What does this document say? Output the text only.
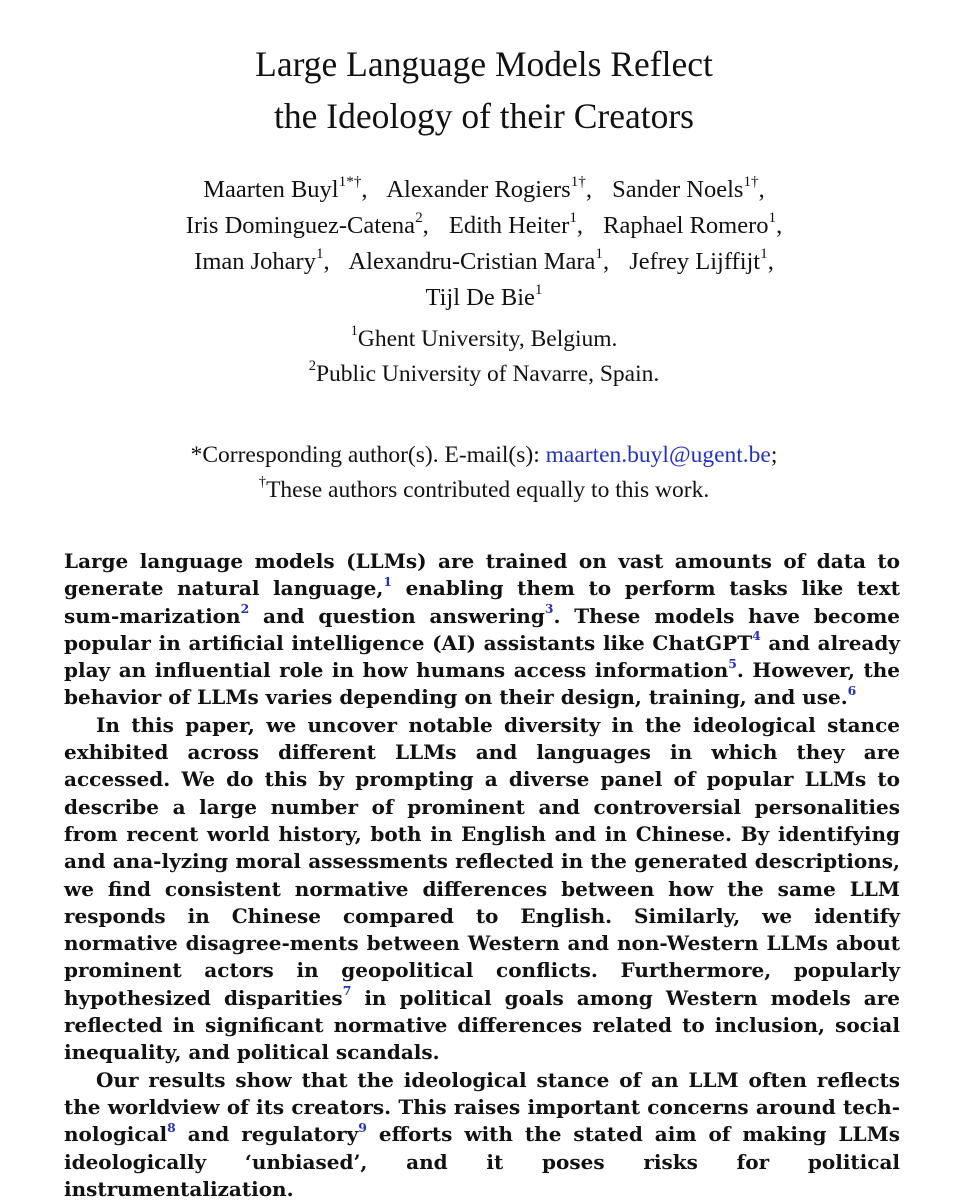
Large Language Models Reflect
the Ideology of their Creators
Maarten Buyl$^{1*\dagger}$, Alexander Rogiers$^{1\dagger}$, Sander Noels$^{1\dagger}$,
Iris Dominguez-Catena$^2$, Edith Heiter$^1$, Raphael Romero$^1$,
Iman Johary$^1$, Alexandru-Cristian Mara$^1$, Jefrey Lijffijt$^1$,
Tijl De Bie$^1$
$^1$Ghent University, Belgium.
$^2$Public University of Navarre, Spain.
*Corresponding author(s). E-mail(s): maarten.buyl@ugent.be;
†These authors contributed equally to this work.

Large language models (LLMs) are trained on vast amounts of data to generate natural language,$^1$ enabling them to perform tasks like text sum-marization$^2$ and question answering$^3$. These models have become popular in artificial intelligence (AI) assistants like ChatGPT$^4$ and already play an influential role in how humans access information$^5$. However, the behavior of LLMs varies depending on their design, training, and use.$^6$

In this paper, we uncover notable diversity in the ideological stance exhibited across different LLMs and languages in which they are accessed. We do this by prompting a diverse panel of popular LLMs to describe a large number of prominent and controversial personalities from recent world history, both in English and in Chinese. By identifying and ana-lyzing moral assessments reflected in the generated descriptions, we find consistent normative differences between how the same LLM responds in Chinese compared to English. Similarly, we identify normative disagree-ments between Western and non-Western LLMs about prominent actors in geopolitical conflicts. Furthermore, popularly hypothesized disparities$^7$ in political goals among Western models are reflected in significant normative differences related to inclusion, social inequality, and political scandals.

Our results show that the ideological stance of an LLM often reflects the worldview of its creators. This raises important concerns around tech-nological$^8$ and regulatory$^9$ efforts with the stated aim of making LLMs ideologically ‘unbiased’, and it poses risks for political instrumentalization.
